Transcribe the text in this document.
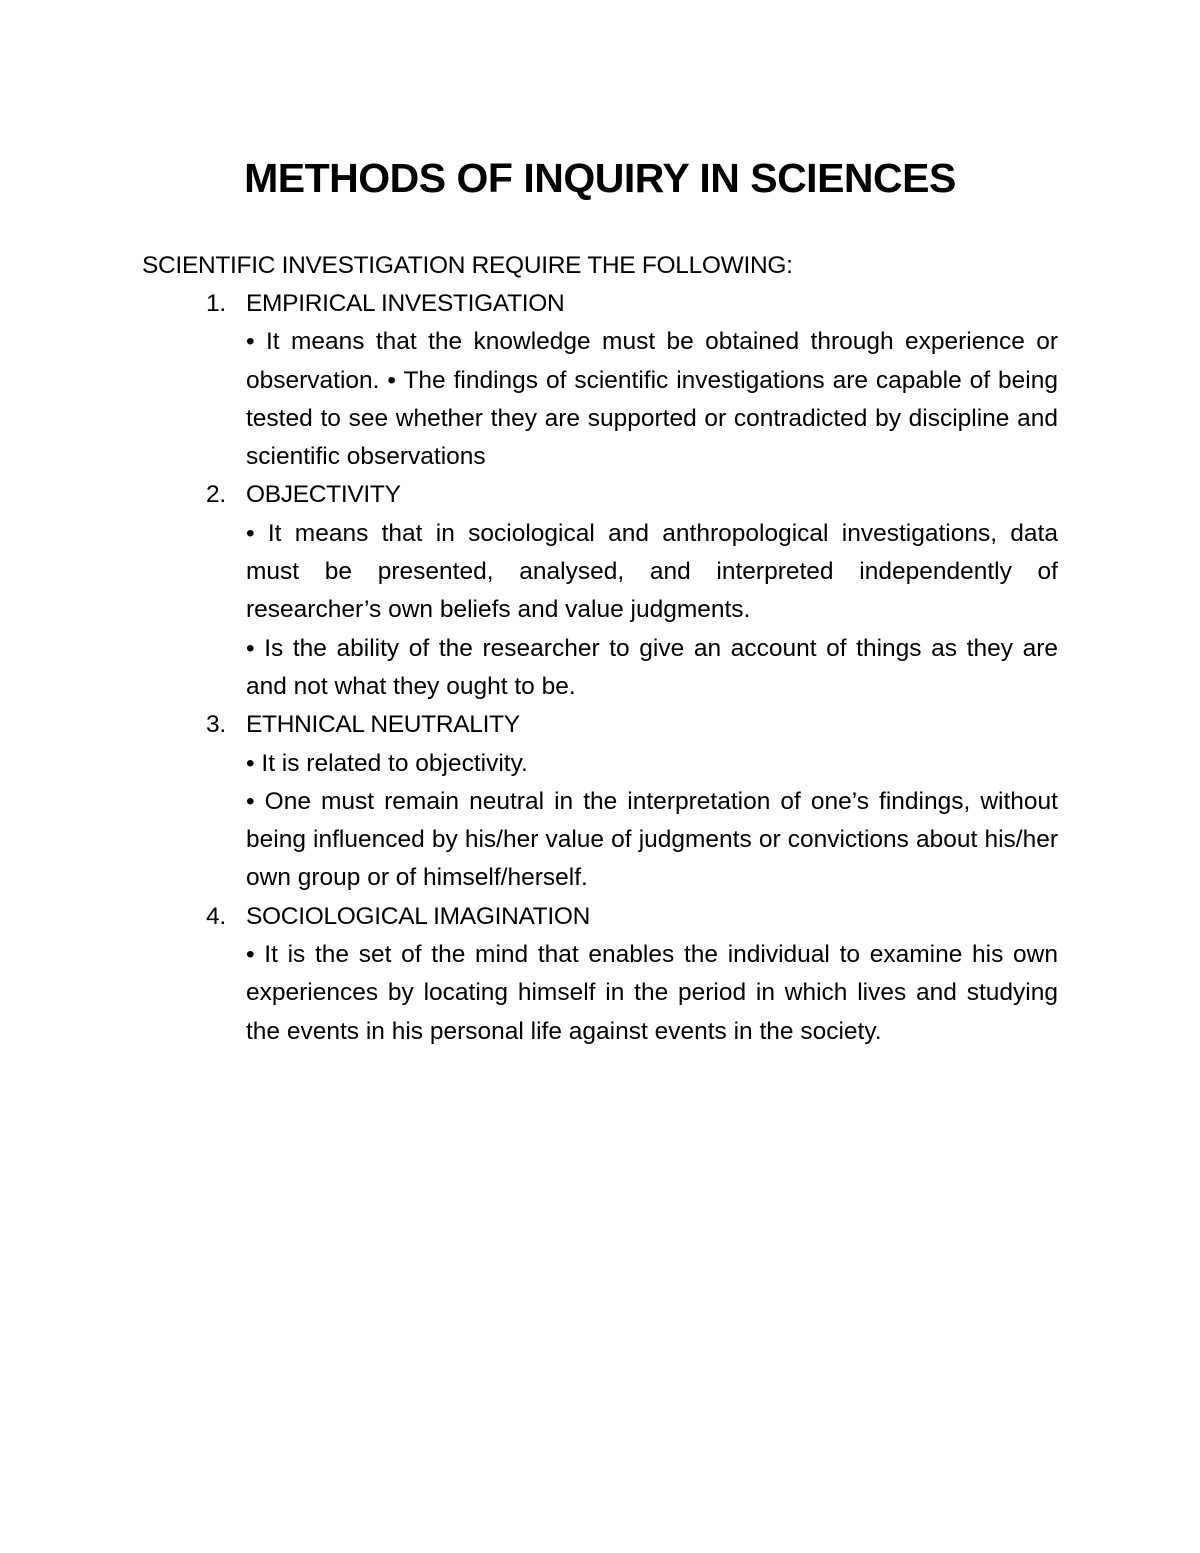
METHODS OF INQUIRY IN SCIENCES
SCIENTIFIC INVESTIGATION REQUIRE THE FOLLOWING:
1. EMPIRICAL INVESTIGATION

• It means that the knowledge must be obtained through experience or observation. • The findings of scientific investigations are capable of being tested to see whether they are supported or contradicted by discipline and scientific observations

2. OBJECTIVITY

• It means that in sociological and anthropological investigations, data must be presented, analysed, and interpreted independently of researcher’s own beliefs and value judgments.

• Is the ability of the researcher to give an account of things as they are and not what they ought to be.

3. ETHNICAL NEUTRALITY

• It is related to objectivity.

• One must remain neutral in the interpretation of one’s findings, without being influenced by his/her value of judgments or convictions about his/her own group or of himself/herself.

4. SOCIOLOGICAL IMAGINATION

• It is the set of the mind that enables the individual to examine his own experiences by locating himself in the period in which lives and studying the events in his personal life against events in the society.
